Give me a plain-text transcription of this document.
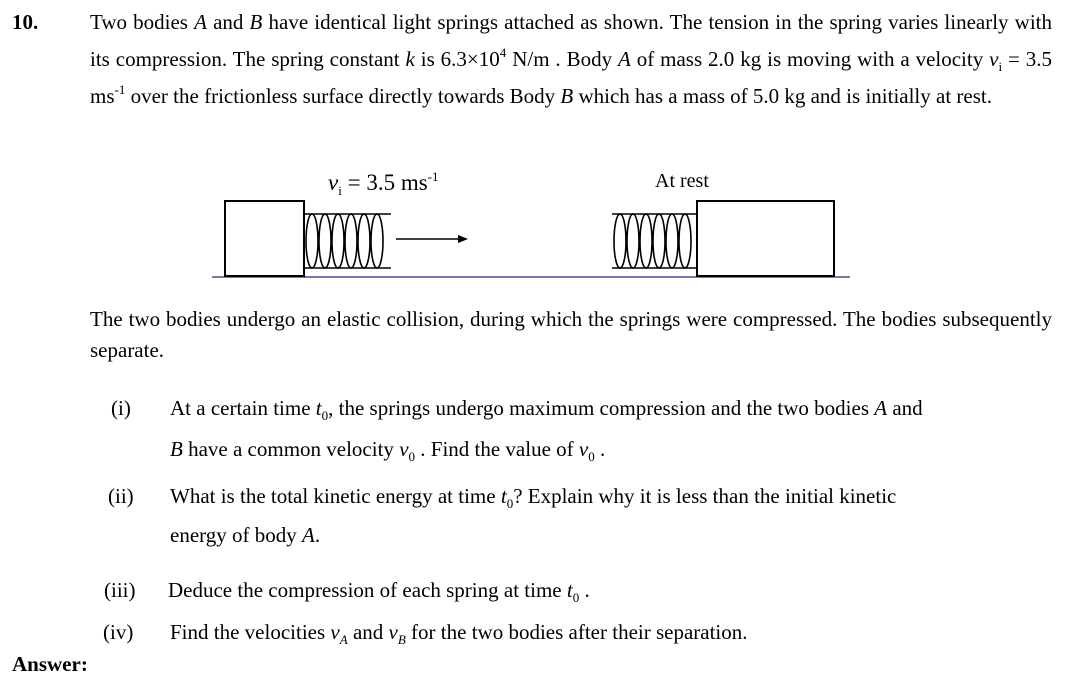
10. Two bodies A and B have identical light springs attached as shown. The tension in the spring varies linearly with its compression. The spring constant k is $6.3\times 10^4$ N/m . Body A of mass 2.0 kg is moving with a velocity $v_i = 3.5$ $ms^{-1}$ over the frictionless surface directly towards Body B which has a mass of 5.0 kg and is initially at rest.
$v_i = 3.5$ $ms^{-1}$	At rest
The two bodies undergo an elastic collision, during which the springs were compressed. The bodies subsequently separate.
(i) At a certain time $t_0$, the springs undergo maximum compression and the two bodies A and
B have a common velocity $v_0$ . Find the value of $v_0$ .
(ii) What is the total kinetic energy at time $t_0$? Explain why it is less than the initial kinetic
energy of body A.
(iii) Deduce the compression of each spring at time $t_0$ .
(iv) Find the velocities $v_A$ and $v_B$ for the two bodies after their separation.
Answer:
